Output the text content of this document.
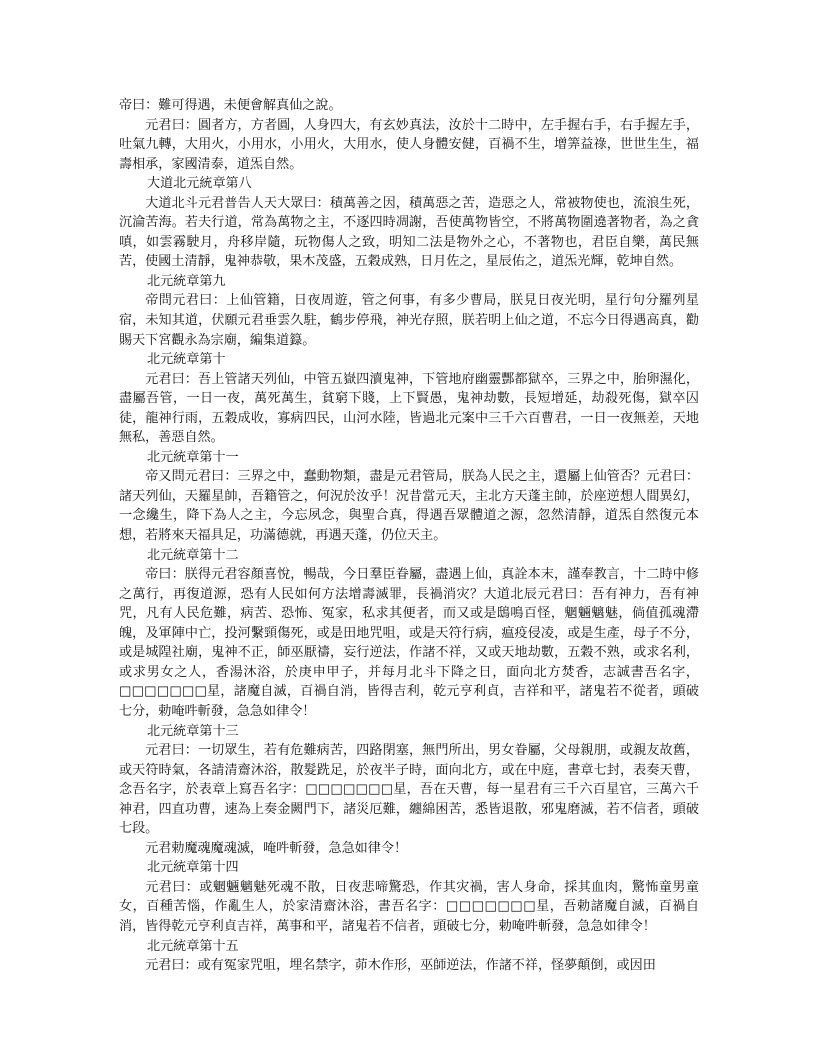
帝曰：難可得遇，未便會解真仙之說。

元君曰：圓者方，方者圓，人身四大，有玄妙真法，汝於十二時中，左手握右手，右手握左手，吐氣九轉，大用火，小用水，小用火，大用水，使人身體安健，百禍不生，增筭益祿，世世生生，福壽相承，家國清泰，道炁自然。

大道北元統章第八

大道北斗元君普告人天大眾曰：積萬善之因，積萬惡之苦，造惡之人，常被物使也，流浪生死，沉淪苦海。若夫行道，常為萬物之主，不逐四時凋謝，吾使萬物皆空，不將萬物圍遶著物者，為之貪嗔，如雲霧駛月，舟移岸隨，玩物傷人之致，明知二法是物外之心，不著物也，君臣自樂，萬民無苦，使國土清靜，鬼神恭敬，果木茂盛，五穀成熟，日月佐之，星辰佑之，道炁光輝，乾坤自然。

北元統章第九

帝問元君曰：上仙管籍，日夜周遊，管之何事，有多少曹局，朕見日夜光明，星行句分羅列星宿，未知其道，伏願元君垂雲久駐，鶴步停飛，神光存照，朕若明上仙之道，不忘今日得遇高真，勸賜天下宮觀永為宗廟，編集道籙。

北元統章第十

元君曰：吾上管諸天列仙，中管五嶽四瀆鬼神，下管地府幽靈酆都獄卒，三界之中，胎卵濕化，盡屬吾管，一日一夜，萬死萬生，貧窮下賤，上下賢愚，鬼神劫數，長短增延，劫殺死傷，獄卒囚徒，龍神行雨，五穀成收，寡病四民，山河水陸，皆過北元案中三千六百曹君，一日一夜無差，天地無私，善惡自然。

北元統章第十一

帝又問元君曰：三界之中，蠢動物類，盡是元君管局，朕為人民之主，還屬上仙管否？元君曰：諸天列仙，天羅星帥，吾籍管之，何況於汝乎！況昔當元天，主北方天蓬主帥，於座逆想人間異幻，一念纔生，降下為人之主，今忘夙念，與聖合真，得遇吾眾體道之源，忽然清靜，道炁自然復元本想，若將來天福具足，功滿德就，再遇天蓬，仍位天主。

北元統章第十二

帝曰：朕得元君容顏喜悅，暢哉，今日羣臣眷屬，盡遇上仙，真詮本末，謹奉教言，十二時中修之萬行，再復道源，恐有人民如何方法增壽滅罪，長禍消灾？大道北辰元君曰：吾有神力，吾有神咒，凡有人民危難，病苦、恐怖、冤家，私求其便者，而又或是鴟鳴百怪，魍魎魑魅，倘值孤魂滯魄，及軍陣中亡，投河繫頸傷死，或是田地咒咀，或是天符行病，瘟疫侵凌，或是生產，母子不分，或是城隍社廟，鬼神不正，師巫厭禱，妄行逆法，作諸不祥，又或天地劫數，五穀不熟，或求名利，或求男女之人，香湯沐浴，於庚申甲子，并每月北斗下降之日，面向北方焚香，志誠書吾名字，□□□□□□□星，諸魔自滅，百禍自消，皆得吉利，乾元亨利貞，吉祥和平，諸鬼若不從者，頭破七分，勅唵吽斬發，急急如律令！

北元統章第十三

元君曰：一切眾生，若有危難病苦，四路閉塞，無門所出，男女眷屬，父母親朋，或親友故舊，或天符時氣，各請清齋沐浴，散髮跣足，於夜半子時，面向北方，或在中庭，書章七封，表奏天曹，念吾名字，於表章上寫吾名字：□□□□□□□星，吾在天曹，每一星君有三千六百星官，三萬六千神君，四直功曹，速為上奏金闕門下，諸災厄難，纏綿困苦，悉皆退散，邪鬼磨滅，若不信者，頭破七段。

元君勅魔魂魔魂滅，唵吽斬發，急急如律令！

北元統章第十四

元君曰：或魍魎魑魅死魂不散，日夜悲啼驚恐，作其灾禍，害人身命，採其血肉，驚怖童男童女，百種苦惱，作亂生人，於家清齋沐浴，書吾名字：□□□□□□□星，吾勅諸魔自滅，百禍自消，皆得乾元亨利貞吉祥，萬事和平，諸鬼若不信者，頭破七分，勅唵吽斬發，急急如律令！

北元統章第十五

元君曰：或有冤家咒咀，埋名禁字，茆木作形，巫師逆法，作諸不祥，怪夢顛倒，或因田
